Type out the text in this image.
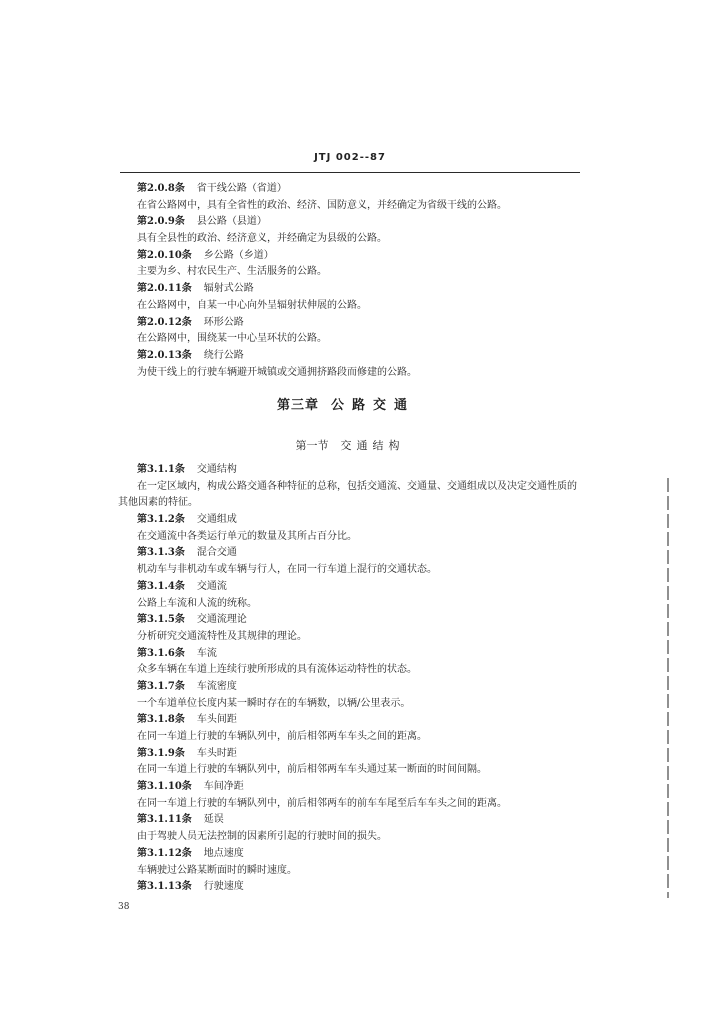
JTJ 002--87
第2.0.8条 省干线公路（省道）
在省公路网中，具有全省性的政治、经济、国防意义，并经确定为省级干线的公路。
第2.0.9条 县公路（县道）
具有全县性的政治、经济意义，并经确定为县级的公路。
第2.0.10条 乡公路（乡道）
主要为乡、村农民生产、生活服务的公路。
第2.0.11条 辐射式公路
在公路网中，自某一中心向外呈辐射状伸展的公路。
第2.0.12条 环形公路
在公路网中，围绕某一中心呈环状的公路。
第2.0.13条 绕行公路
为使干线上的行驶车辆避开城镇或交通拥挤路段而修建的公路。
第三章 公路交通
第一节 交通结构
第3.1.1条 交通结构
在一定区域内，构成公路交通各种特征的总称，包括交通流、交通量、交通组成以及决定交通性质的
其他因素的特征。
第3.1.2条 交通组成
在交通流中各类运行单元的数量及其所占百分比。
第3.1.3条 混合交通
机动车与非机动车或车辆与行人，在同一行车道上混行的交通状态。
第3.1.4条 交通流
公路上车流和人流的统称。
第3.1.5条 交通流理论
分析研究交通流特性及其规律的理论。
第3.1.6条 车流
众多车辆在车道上连续行驶所形成的具有流体运动特性的状态。
第3.1.7条 车流密度
一个车道单位长度内某一瞬时存在的车辆数，以辆/公里表示。
第3.1.8条 车头间距
在同一车道上行驶的车辆队列中，前后相邻两车车头之间的距离。
第3.1.9条 车头时距
在同一车道上行驶的车辆队列中，前后相邻两车车头通过某一断面的时间间隔。
第3.1.10条 车间净距
在同一车道上行驶的车辆队列中，前后相邻两车的前车车尾至后车车头之间的距离。
第3.1.11条 延误
由于驾驶人员无法控制的因素所引起的行驶时间的损失。
第3.1.12条 地点速度
车辆驶过公路某断面时的瞬时速度。
第3.1.13条 行驶速度
38
